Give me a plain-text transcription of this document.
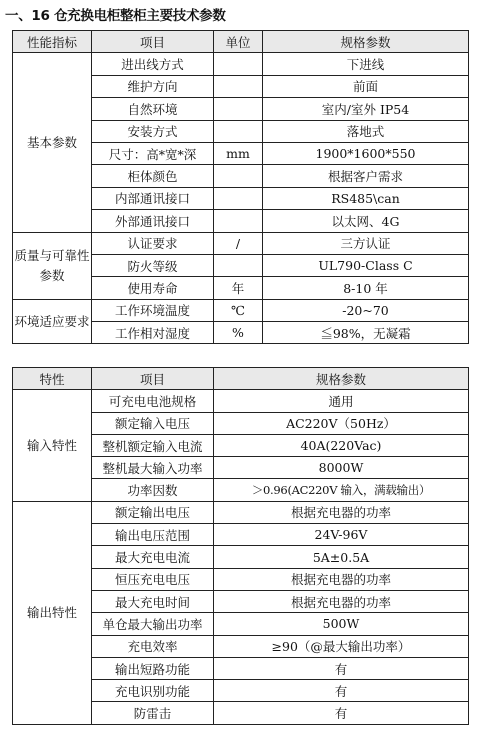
一、16 仓充换电柜整柜主要技术参数
性能指标	项目	单位	规格参数
基本参数	进出线方式		下进线
	维护方向		前面
	自然环境		室内/室外 IP54
	安装方式		落地式
	尺寸：高*宽*深	mm	1900*1600*550
	柜体颜色		根据客户需求
	内部通讯接口		RS485\can
	外部通讯接口		以太网、4G
质量与可靠性参数	认证要求	/	三方认证
	防火等级		UL790-Class C
	使用寿命	年	8-10 年
环境适应要求	工作环境温度	℃	-20~70
	工作相对湿度	%	≦98%，无凝霜
特性	项目	规格参数
输入特性	可充电电池规格	通用
	额定输入电压	AC220V（50Hz）
	整机额定输入电流	40A(220Vac)
	整机最大输入功率	8000W
	功率因数	＞0.96(AC220V 输入，满载输出）
输出特性	额定输出电压	根据充电器的功率
	输出电压范围	24V-96V
	最大充电电流	5A±0.5A
	恒压充电电压	根据充电器的功率
	最大充电时间	根据充电器的功率
	单仓最大输出功率	500W
	充电效率	≥90（@最大输出功率）
	输出短路功能	有
	充电识别功能	有
	防雷击	有
